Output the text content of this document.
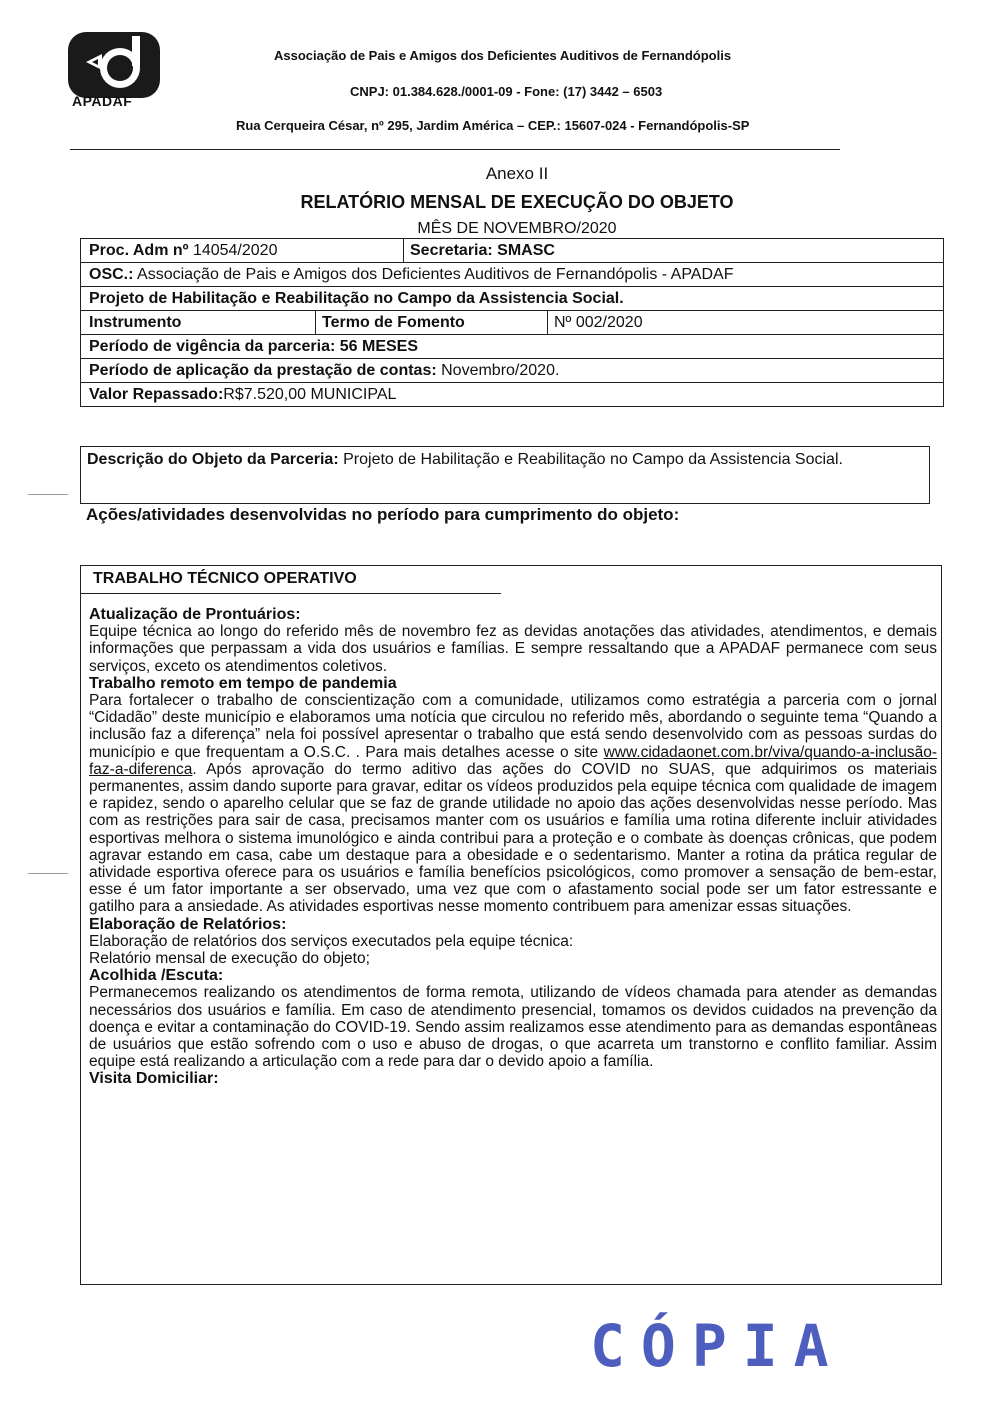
APADAF
Associação de Pais e Amigos dos Deficientes Auditivos de Fernandópolis
CNPJ: 01.384.628./0001-09 - Fone: (17) 3442 – 6503
Rua Cerqueira César, nº 295, Jardim América – CEP.: 15607-024 - Fernandópolis-SP
Anexo II
RELATÓRIO MENSAL DE EXECUÇÃO DO OBJETO
MÊS DE NOVEMBRO/2020
Proc. Adm nº 14054/2020	Secretaria: SMASC
OSC.: Associação de Pais e Amigos dos Deficientes Auditivos de Fernandópolis - APADAF
Projeto de Habilitação e Reabilitação no Campo da Assistencia Social.
Instrumento	Termo de Fomento	Nº 002/2020
Período de vigência da parceria: 56 MESES
Período de aplicação da prestação de contas: Novembro/2020.
Valor Repassado:R$7.520,00 MUNICIPAL
Descrição do Objeto da Parceria: Projeto de Habilitação e Reabilitação no Campo da Assistencia Social.
Ações/atividades desenvolvidas no período para cumprimento do objeto:
TRABALHO TÉCNICO OPERATIVO

Atualização de Prontuários:

Equipe técnica ao longo do referido mês de novembro fez as devidas anotações das atividades, atendimentos, e demais informações que perpassam a vida dos usuários e famílias. E sempre ressaltando que a APADAF permanece com seus serviços, exceto os atendimentos coletivos.

Trabalho remoto em tempo de pandemia

Para fortalecer o trabalho de conscientização com a comunidade, utilizamos como estratégia a parceria com o jornal “Cidadão” deste município e elaboramos uma notícia que circulou no referido mês, abordando o seguinte tema “Quando a inclusão faz a diferença” nela foi possível apresentar o trabalho que está sendo desenvolvido com as pessoas surdas do município e que frequentam a O.S.C. . Para mais detalhes acesse o site www.cidadaonet.com.br/viva/quando-a-inclusão-faz-a-diferenca. Após aprovação do termo aditivo das ações do COVID no SUAS, que adquirimos os materiais permanentes, assim dando suporte para gravar, editar os vídeos produzidos pela equipe técnica com qualidade de imagem e rapidez, sendo o aparelho celular que se faz de grande utilidade no apoio das ações desenvolvidas nesse período. Mas com as restrições para sair de casa, precisamos manter com os usuários e família uma rotina diferente incluir atividades esportivas melhora o sistema imunológico e ainda contribui para a proteção e o combate às doenças crônicas, que podem agravar estando em casa, cabe um destaque para a obesidade e o sedentarismo. Manter a rotina da prática regular de atividade esportiva oferece para os usuários e família benefícios psicológicos, como promover a sensação de bem-estar, esse é um fator importante a ser observado, uma vez que com o afastamento social pode ser um fator estressante e gatilho para a ansiedade. As atividades esportivas nesse momento contribuem para amenizar essas situações.

Elaboração de Relatórios:

Elaboração de relatórios dos serviços executados pela equipe técnica:

Relatório mensal de execução do objeto;

Acolhida /Escuta:

Permanecemos realizando os atendimentos de forma remota, utilizando de vídeos chamada para atender as demandas necessários dos usuários e família. Em caso de atendimento presencial, tomamos os devidos cuidados na prevenção da doença e evitar a contaminação do COVID-19. Sendo assim realizamos esse atendimento para as demandas espontâneas de usuários que estão sofrendo com o uso e abuso de drogas, o que acarreta um transtorno e conflito familiar. Assim equipe está realizando a articulação com a rede para dar o devido apoio a família.

Visita Domiciliar:

CÓPIA
